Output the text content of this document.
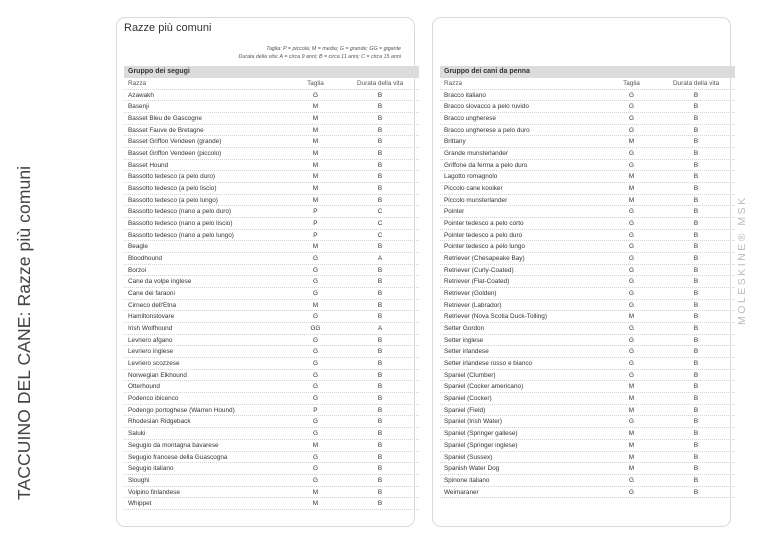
TACCUINO DEL CANE: Razze più comuni	MOLESKINE® MSK
Razze più comuni
Taglia: P = piccola; M = media; G = grande; GG = gigante
Durata della vita: A = circa 9 anni; B = circa 11 anni; C = circa 15 anni
Gruppo dei segugi
Razza	Taglia	Durata della vita
Azawakh	G	B
Basenji	M	B
Basset Bleu de Gascogne	M	B
Basset Fauve de Bretagne	M	B
Basset Griffon Vendeen (grande)	M	B
Basset Griffon Vendeen (piccolo)	M	B
Basset Hound	M	B
Bassotto tedesco (a pelo duro)	M	B
Bassotto tedesco (a pelo liscio)	M	B
Bassotto tedesco (a pelo lungo)	M	B
Bassotto tedesco (nano a pelo duro)	P	C
Bassotto tedesco (nano a pelo liscio)	P	C
Bassotto tedesco (nano a pelo lungo)	P	C
Beagle	M	B
Bloodhound	G	A
Borzoi	G	B
Cane da volpe inglese	G	B
Cane dei faraoni	G	B
Cirneco dell'Etna	M	B
Hamiltonstovare	G	B
Irish Wolfhound	GG	A
Levriero afgano	G	B
Levriero inglese	G	B
Levriero scozzese	G	B
Norwegian Elkhound	G	B
Otterhound	G	B
Podenco ibicenco	G	B
Podengo portoghese (Warren Hound)	P	B
Rhodesian Ridgeback	G	B
Saluki	G	B
Segugio da montagna bavarese	M	B
Segugio francese della Guascogna	G	B
Segugio italiano	G	B
Sloughi	G	B
Volpino finlandese	M	B
Whippet	M	B
Gruppo dei cani da penna
Razza	Taglia	Durata della vita
Bracco italiano	G	B
Bracco slovacco a pelo ruvido	G	B
Bracco ungherese	G	B
Bracco ungherese a pelo duro	G	B
Brittany	M	B
Grande munsterlander	G	B
Griffone da ferma a pelo duro	G	B
Lagotto romagnolo	M	B
Piccolo cane kooiker	M	B
Piccolo munsterlander	M	B
Pointer	G	B
Pointer tedesco a pelo corto	G	B
Pointer tedesco a pelo duro	G	B
Pointer tedesco a pelo lungo	G	B
Retriever (Chesapeake Bay)	G	B
Retriever (Curly-Coated)	G	B
Retriever (Flat-Coated)	G	B
Retriever (Golden)	G	B
Retriever (Labrador)	G	B
Retriever (Nova Scotia Duck-Tolling)	M	B
Setter Gordon	G	B
Setter inglese	G	B
Setter irlandese	G	B
Setter irlandese rosso e bianco	G	B
Spaniel (Clumber)	G	B
Spaniel (Cocker americano)	M	B
Spaniel (Cocker)	M	B
Spaniel (Field)	M	B
Spaniel (Irish Water)	G	B
Spaniel (Springer gallese)	M	B
Spaniel (Springer inglese)	M	B
Spaniel (Sussex)	M	B
Spanish Water Dog	M	B
Spinone italiano	G	B
Weimaraner	G	B
